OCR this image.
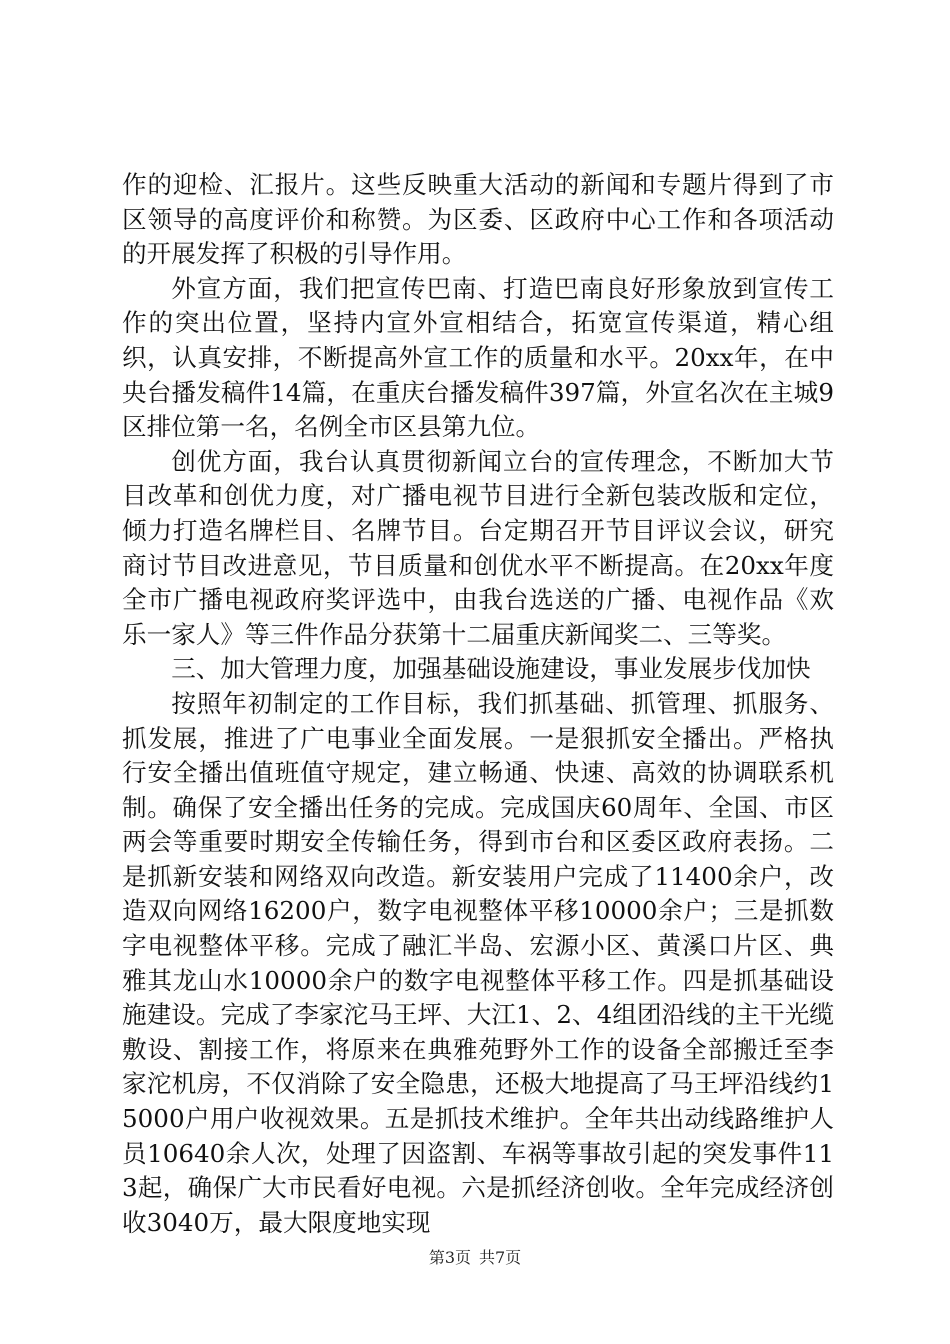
作的迎检、汇报片。这些反映重大活动的新闻和专题片得到了市区领导的高度评价和称赞。为区委、区政府中心工作和各项活动的开展发挥了积极的引导作用。

外宣方面，我们把宣传巴南、打造巴南良好形象放到宣传工作的突出位置，坚持内宣外宣相结合，拓宽宣传渠道，精心组织，认真安排，不断提高外宣工作的质量和水平。20xx年，在中央台播发稿件14篇，在重庆台播发稿件397篇，外宣名次在主城9区排位第一名，名例全市区县第九位。

创优方面，我台认真贯彻新闻立台的宣传理念，不断加大节目改革和创优力度，对广播电视节目进行全新包装改版和定位，倾力打造名牌栏目、名牌节目。台定期召开节目评议会议，研究商讨节目改进意见，节目质量和创优水平不断提高。在20xx年度全市广播电视政府奖评选中，由我台选送的广播、电视作品《欢乐一家人》等三件作品分获第十二届重庆新闻奖二、三等奖。

三、加大管理力度，加强基础设施建设，事业发展步伐加快

按照年初制定的工作目标，我们抓基础、抓管理、抓服务、抓发展，推进了广电事业全面发展。一是狠抓安全播出。严格执行安全播出值班值守规定，建立畅通、快速、高效的协调联系机制。确保了安全播出任务的完成。完成国庆60周年、全国、市区两会等重要时期安全传输任务，得到市台和区委区政府表扬。二是抓新安装和网络双向改造。新安装用户完成了11400余户，改造双向网络16200户，数字电视整体平移10000余户；三是抓数字电视整体平移。完成了融汇半岛、宏源小区、黄溪口片区、典雅其龙山水10000余户的数字电视整体平移工作。四是抓基础设施建设。完成了李家沱马王坪、大江1、2、4组团沿线的主干光缆敷设、割接工作，将原来在典雅苑野外工作的设备全部搬迁至李家沱机房，不仅消除了安全隐患，还极大地提高了马王坪沿线约15000户用户收视效果。五是抓技术维护。全年共出动线路维护人员10640余人次，处理了因盗割、车祸等事故引起的突发事件113起，确保广大市民看好电视。六是抓经济创收。全年完成经济创收3040万，最大限度地实现

第3页 共7页
